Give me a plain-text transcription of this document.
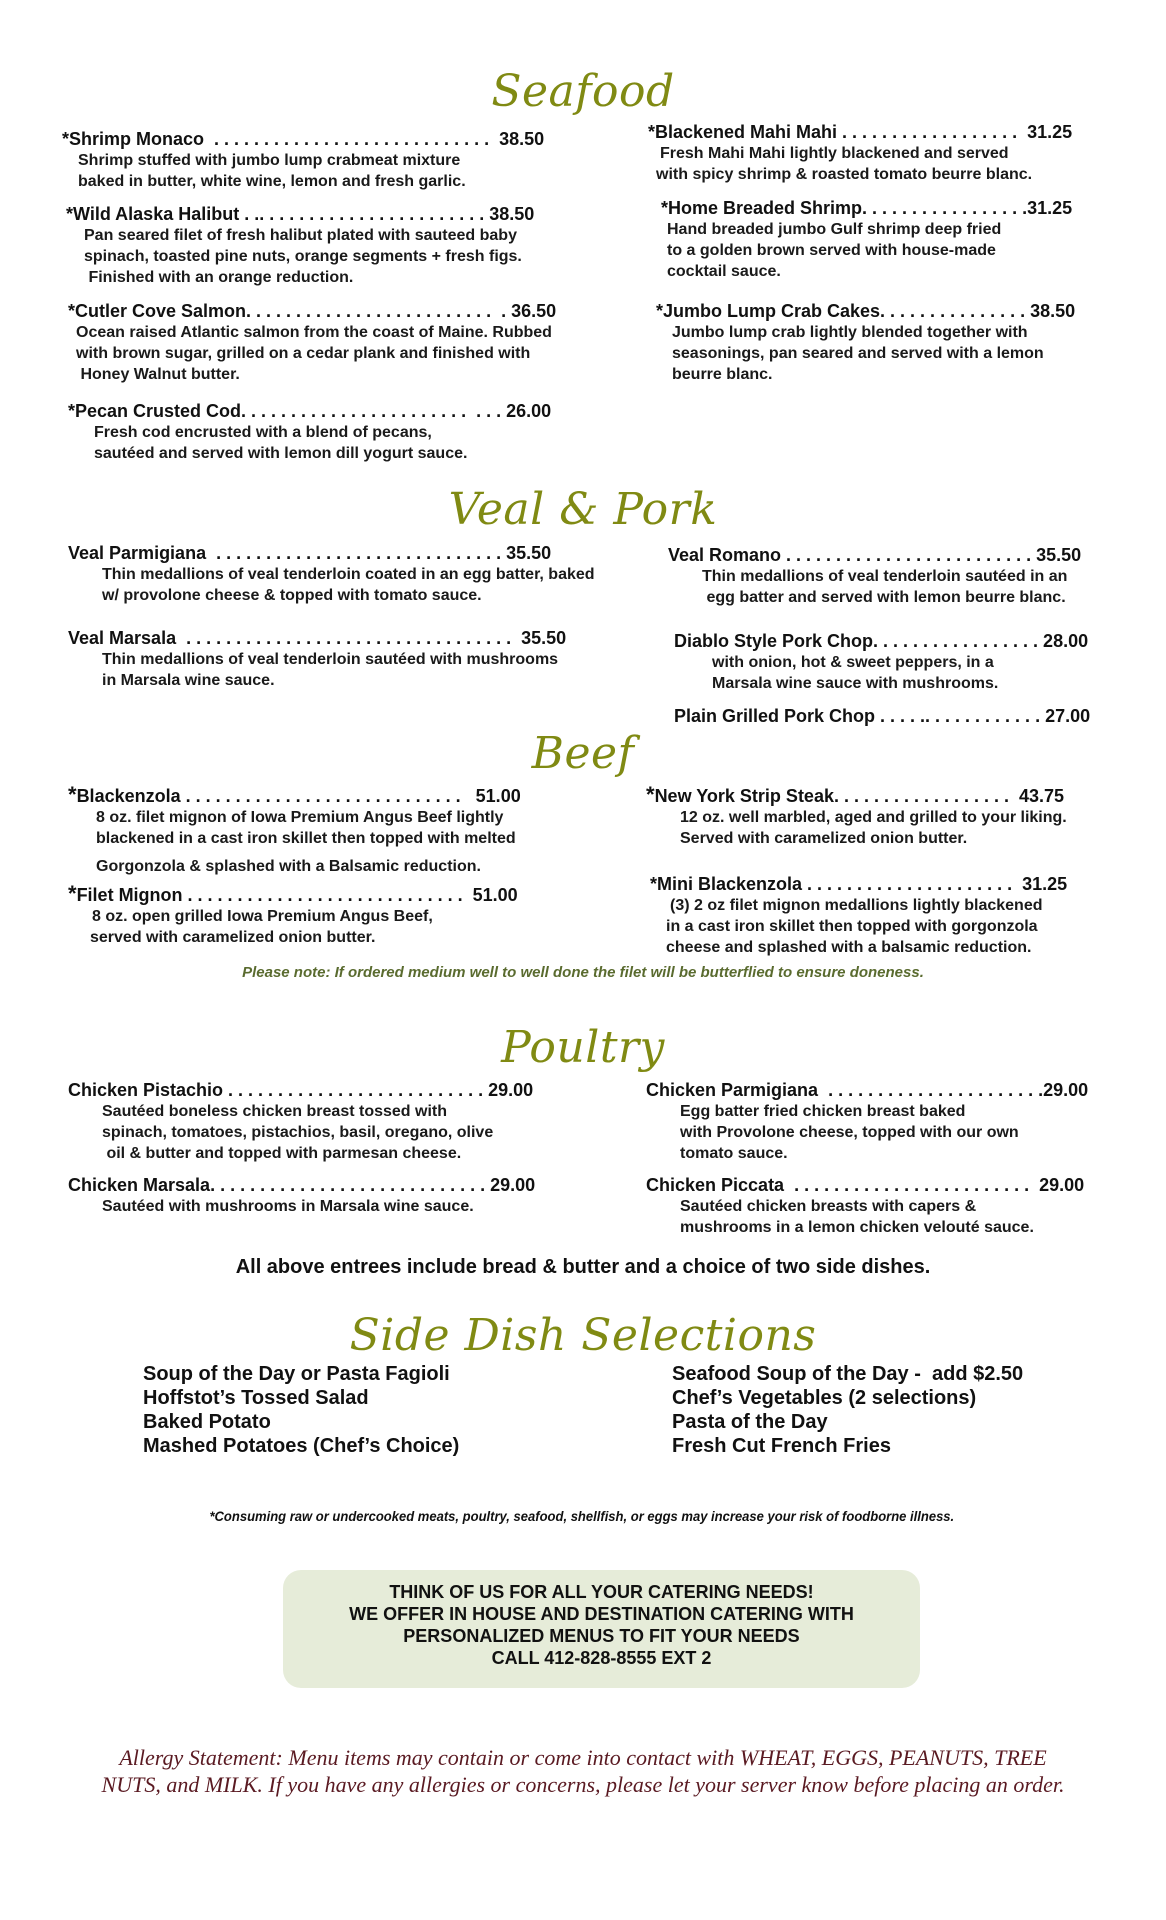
Seafood
*Shrimp Monaco  . . . . . . . . . . . . . . . . . . . . . . . . . . . .  38.50
Shrimp stuffed with jumbo lump crabmeat mixture
baked in butter, white wine, lemon and fresh garlic.
*Wild Alaska Halibut . .. . . . . . . . . . . . . . . . . . . . . . . 38.50
Pan seared filet of fresh halibut plated with sauteed baby
spinach, toasted pine nuts, orange segments + fresh figs.
Finished with an orange reduction.
*Cutler Cove Salmon. . . . . . . . . . . . . . . . . . . . . . . . .  . 36.50
Ocean raised Atlantic salmon from the coast of Maine. Rubbed
with brown sugar, grilled on a cedar plank and finished with
Honey Walnut butter.
*Pecan Crusted Cod. . . . . . . . . . . . . . . . . . . . . . .  . . . 26.00
Fresh cod encrusted with a blend of pecans,
sautéed and served with lemon dill yogurt sauce.
*Blackened Mahi Mahi . . . . . . . . . . . . . . . . . .  31.25
Fresh Mahi Mahi lightly blackened and served
with spicy shrimp & roasted tomato beurre blanc.
*Home Breaded Shrimp. . . . . . . . . . . . . . . . .31.25
Hand breaded jumbo Gulf shrimp deep fried
to a golden brown served with house-made
cocktail sauce.
*Jumbo Lump Crab Cakes. . . . . . . . . . . . . . . 38.50
Jumbo lump crab lightly blended together with
seasonings, pan seared and served with a lemon
beurre blanc.
Veal & Pork
Veal Parmigiana  . . . . . . . . . . . . . . . . . . . . . . . . . . . . . 35.50
Thin medallions of veal tenderloin coated in an egg batter, baked
w/ provolone cheese & topped with tomato sauce.
Veal Marsala  . . . . . . . . . . . . . . . . . . . . . . . . . . . . . . . . .  35.50
Thin medallions of veal tenderloin sautéed with mushrooms
in Marsala wine sauce.
Veal Romano . . . . . . . . . . . . . . . . . . . . . . . . . 35.50
Thin medallions of veal tenderloin sautéed in an
egg batter and served with lemon beurre blanc.
Diablo Style Pork Chop. . . . . . . . . . . . . . . . . 28.00
with onion, hot & sweet peppers, in a
Marsala wine sauce with mushrooms.
Plain Grilled Pork Chop . . . . .. . . . . . . . . . . . 27.00
Beef
*Blackenzola . . . . . . . . . . . . . . . . . . . . . . . . . . . .   51.00
8 oz. filet mignon of Iowa Premium Angus Beef lightly
blackened in a cast iron skillet then topped with melted
Gorgonzola & splashed with a Balsamic reduction.
*Filet Mignon . . . . . . . . . . . . . . . . . . . . . . . . . . . .  51.00
8 oz. open grilled Iowa Premium Angus Beef,
served with caramelized onion butter.
*New York Strip Steak. . . . . . . . . . . . . . . . . .  43.75
12 oz. well marbled, aged and grilled to your liking.
Served with caramelized onion butter.
*Mini Blackenzola . . . . . . . . . . . . . . . . . . . . .  31.25
(3) 2 oz filet mignon medallions lightly blackened
in a cast iron skillet then topped with gorgonzola
cheese and splashed with a balsamic reduction.
Please note: If ordered medium well to well done the filet will be butterflied to ensure doneness.
Poultry
Chicken Pistachio . . . . . . . . . . . . . . . . . . . . . . . . . . 29.00
Sautéed boneless chicken breast tossed with
spinach, tomatoes, pistachios, basil, oregano, olive
oil & butter and topped with parmesan cheese.
Chicken Marsala. . . . . . . . . . . . . . . . . . . . . . . . . . . . 29.00
Sautéed with mushrooms in Marsala wine sauce.
Chicken Parmigiana  . . . . . . . . . . . . . . . . . . . . . .29.00
Egg batter fried chicken breast baked
with Provolone cheese, topped with our own
tomato sauce.
Chicken Piccata  . . . . . . . . . . . . . . . . . . . . . . . .  29.00
Sautéed chicken breasts with capers &
mushrooms in a lemon chicken velouté sauce.
All above entrees include bread & butter and a choice of two side dishes.
Side Dish Selections
Soup of the Day or Pasta Fagioli
Hoffstot’s Tossed Salad
Baked Potato
Mashed Potatoes (Chef’s Choice)
Seafood Soup of the Day -  add $2.50
Chef’s Vegetables (2 selections)
Pasta of the Day
Fresh Cut French Fries
*Consuming raw or undercooked meats, poultry, seafood, shellfish, or eggs may increase your risk of foodborne illness.
THINK OF US FOR ALL YOUR CATERING NEEDS!
WE OFFER IN HOUSE AND DESTINATION CATERING WITH
PERSONALIZED MENUS TO FIT YOUR NEEDS
CALL 412-828-8555 EXT 2
Allergy Statement: Menu items may contain or come into contact with WHEAT, EGGS, PEANUTS, TREE
NUTS, and MILK. If you have any allergies or concerns, please let your server know before placing an order.
